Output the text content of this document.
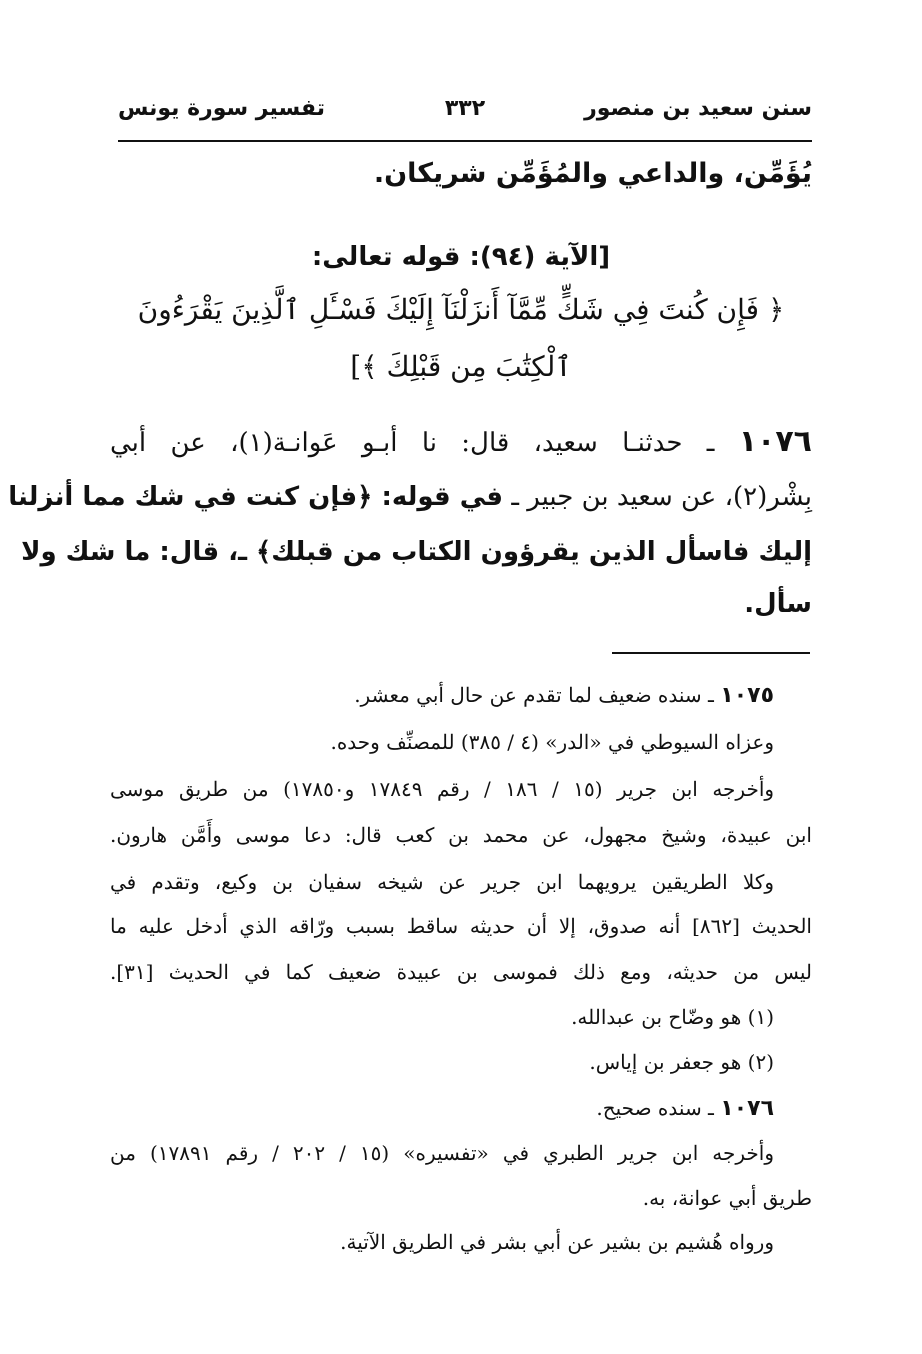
سنن سعيد بن منصور
٣٣٢
تفسير سورة يونس
يُؤَمِّن، والداعي والمُؤَمِّن شريكان.
[الآية (٩٤): قوله تعالى:
﴿ فَإِن كُنتَ فِي شَكٍّ مِّمَّآ أَنزَلْنَآ إِلَيْكَ فَسْـَٔلِ ٱلَّذِينَ يَقْرَءُونَ
ٱلْكِتَٰبَ مِن قَبْلِكَ ﴾]
١٠٧٦ ـ حدثنـا سعيد، قال: نا أبـو عَوانـة(١)، عن أبي
بِشْر(٢)، عن سعيد بن جبير ـ في قوله: ﴿فإن كنت في شك مما أنزلنا
إليك فاسأل الذين يقرؤون الكتاب من قبلك﴾ ـ، قال: ما شك ولا
سأل.
١٠٧٥ ـ سنده ضعيف لما تقدم عن حال أبي معشر.
وعزاه السيوطي في «الدر» (٤ / ٣٨٥) للمصنِّف وحده.
وأخرجه ابن جرير (١٥ / ١٨٦ / رقم ١٧٨٤٩ و١٧٨٥٠) من طريق موسى
ابن عبيدة، وشيخ مجهول، عن محمد بن كعب قال: دعا موسى وأَمَّن هارون.
وكلا الطريقين يرويهما ابن جرير عن شيخه سفيان بن وكيع، وتقدم في
الحديث [٨٦٢] أنه صدوق، إلا أن حديثه ساقط بسبب ورّاقه الذي أدخل عليه ما
ليس من حديثه، ومع ذلك فموسى بن عبيدة ضعيف كما في الحديث [٣١].
(١) هو وضّاح بن عبدالله.
(٢) هو جعفر بن إياس.
١٠٧٦ ـ سنده صحيح.
وأخرجه ابن جرير الطبري في «تفسيره» (١٥ / ٢٠٢ / رقم ١٧٨٩١) من
طريق أبي عوانة، به.
ورواه هُشيم بن بشير عن أبي بشر في الطريق الآتية.
